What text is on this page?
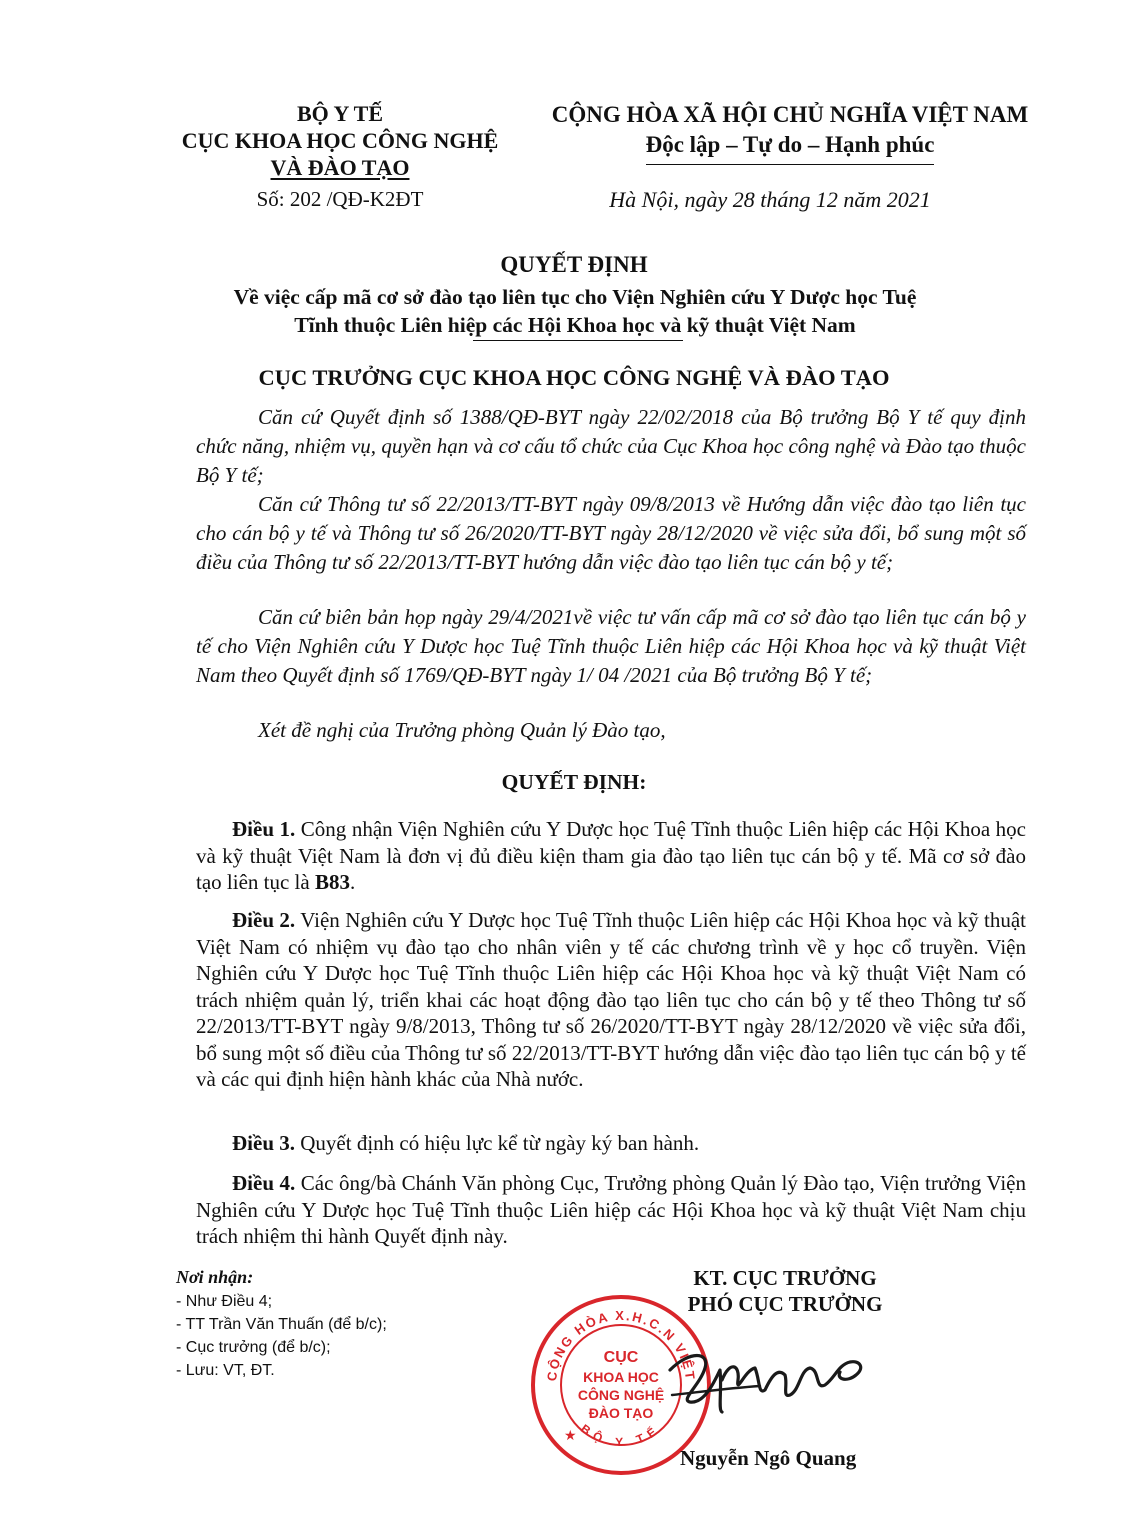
BỘ Y TẾ
CỤC KHOA HỌC CÔNG NGHỆ
VÀ ĐÀO TẠO
Số: 202 /QĐ-K2ĐT
CỘNG HÒA XÃ HỘI CHỦ NGHĨA VIỆT NAM
Độc lập – Tự do – Hạnh phúc
Hà Nội, ngày 28 tháng 12 năm 2021
QUYẾT ĐỊNH
Về việc cấp mã cơ sở đào tạo liên tục cho Viện Nghiên cứu Y Dược học Tuệ
Tĩnh thuộc Liên hiệp các Hội Khoa học và kỹ thuật Việt Nam
CỤC TRƯỞNG CỤC KHOA HỌC CÔNG NGHỆ VÀ ĐÀO TẠO
Căn cứ Quyết định số 1388/QĐ-BYT ngày 22/02/2018 của Bộ trưởng Bộ Y tế quy định chức năng, nhiệm vụ, quyền hạn và cơ cấu tổ chức của Cục Khoa học công nghệ và Đào tạo thuộc Bộ Y tế;
Căn cứ Thông tư số 22/2013/TT-BYT ngày 09/8/2013 về Hướng dẫn việc đào tạo liên tục cho cán bộ y tế và Thông tư số 26/2020/TT-BYT ngày 28/12/2020 về việc sửa đổi, bổ sung một số điều của Thông tư số 22/2013/TT-BYT hướng dẫn việc đào tạo liên tục cán bộ y tế;
Căn cứ biên bản họp ngày 29/4/2021về việc tư vấn cấp mã cơ sở đào tạo liên tục cán bộ y tế cho Viện Nghiên cứu Y Dược học Tuệ Tĩnh thuộc Liên hiệp các Hội Khoa học và kỹ thuật Việt Nam theo Quyết định số 1769/QĐ-BYT ngày 1/ 04 /2021 của Bộ trưởng Bộ Y tế;
Xét đề nghị của Trưởng phòng Quản lý Đào tạo,
QUYẾT ĐỊNH:
Điều 1. Công nhận Viện Nghiên cứu Y Dược học Tuệ Tĩnh thuộc Liên hiệp các Hội Khoa học và kỹ thuật Việt Nam là đơn vị đủ điều kiện tham gia đào tạo liên tục cán bộ y tế. Mã cơ sở đào tạo liên tục là B83.
Điều 2. Viện Nghiên cứu Y Dược học Tuệ Tĩnh thuộc Liên hiệp các Hội Khoa học và kỹ thuật Việt Nam có nhiệm vụ đào tạo cho nhân viên y tế các chương trình về y học cổ truyền. Viện Nghiên cứu Y Dược học Tuệ Tĩnh thuộc Liên hiệp các Hội Khoa học và kỹ thuật Việt Nam có trách nhiệm quản lý, triển khai các hoạt động đào tạo liên tục cho cán bộ y tế theo Thông tư số 22/2013/TT-BYT ngày 9/8/2013, Thông tư số 26/2020/TT-BYT ngày 28/12/2020 về việc sửa đổi, bổ sung một số điều của Thông tư số 22/2013/TT-BYT hướng dẫn việc đào tạo liên tục cán bộ y tế và các qui định hiện hành khác của Nhà nước.
Điều 3. Quyết định có hiệu lực kể từ ngày ký ban hành.
Điều 4. Các ông/bà Chánh Văn phòng Cục, Trưởng phòng Quản lý Đào tạo, Viện trưởng Viện Nghiên cứu Y Dược học Tuệ Tĩnh thuộc Liên hiệp các Hội Khoa học và kỹ thuật Việt Nam chịu trách nhiệm thi hành Quyết định này.
Nơi nhận:
- Như Điều 4;
- TT Trần Văn Thuấn (để b/c);
- Cục trưởng (để b/c);
- Lưu: VT, ĐT.
KT. CỤC TRƯỞNG
PHÓ CỤC TRƯỞNG
CỘNG HÒA X.H.C.N VIỆT
BỘ Y TẾ
CỤC
KHOA HỌC
CÔNG NGHỆ
ĐÀO TẠO
★
Nguyễn Ngô Quang
